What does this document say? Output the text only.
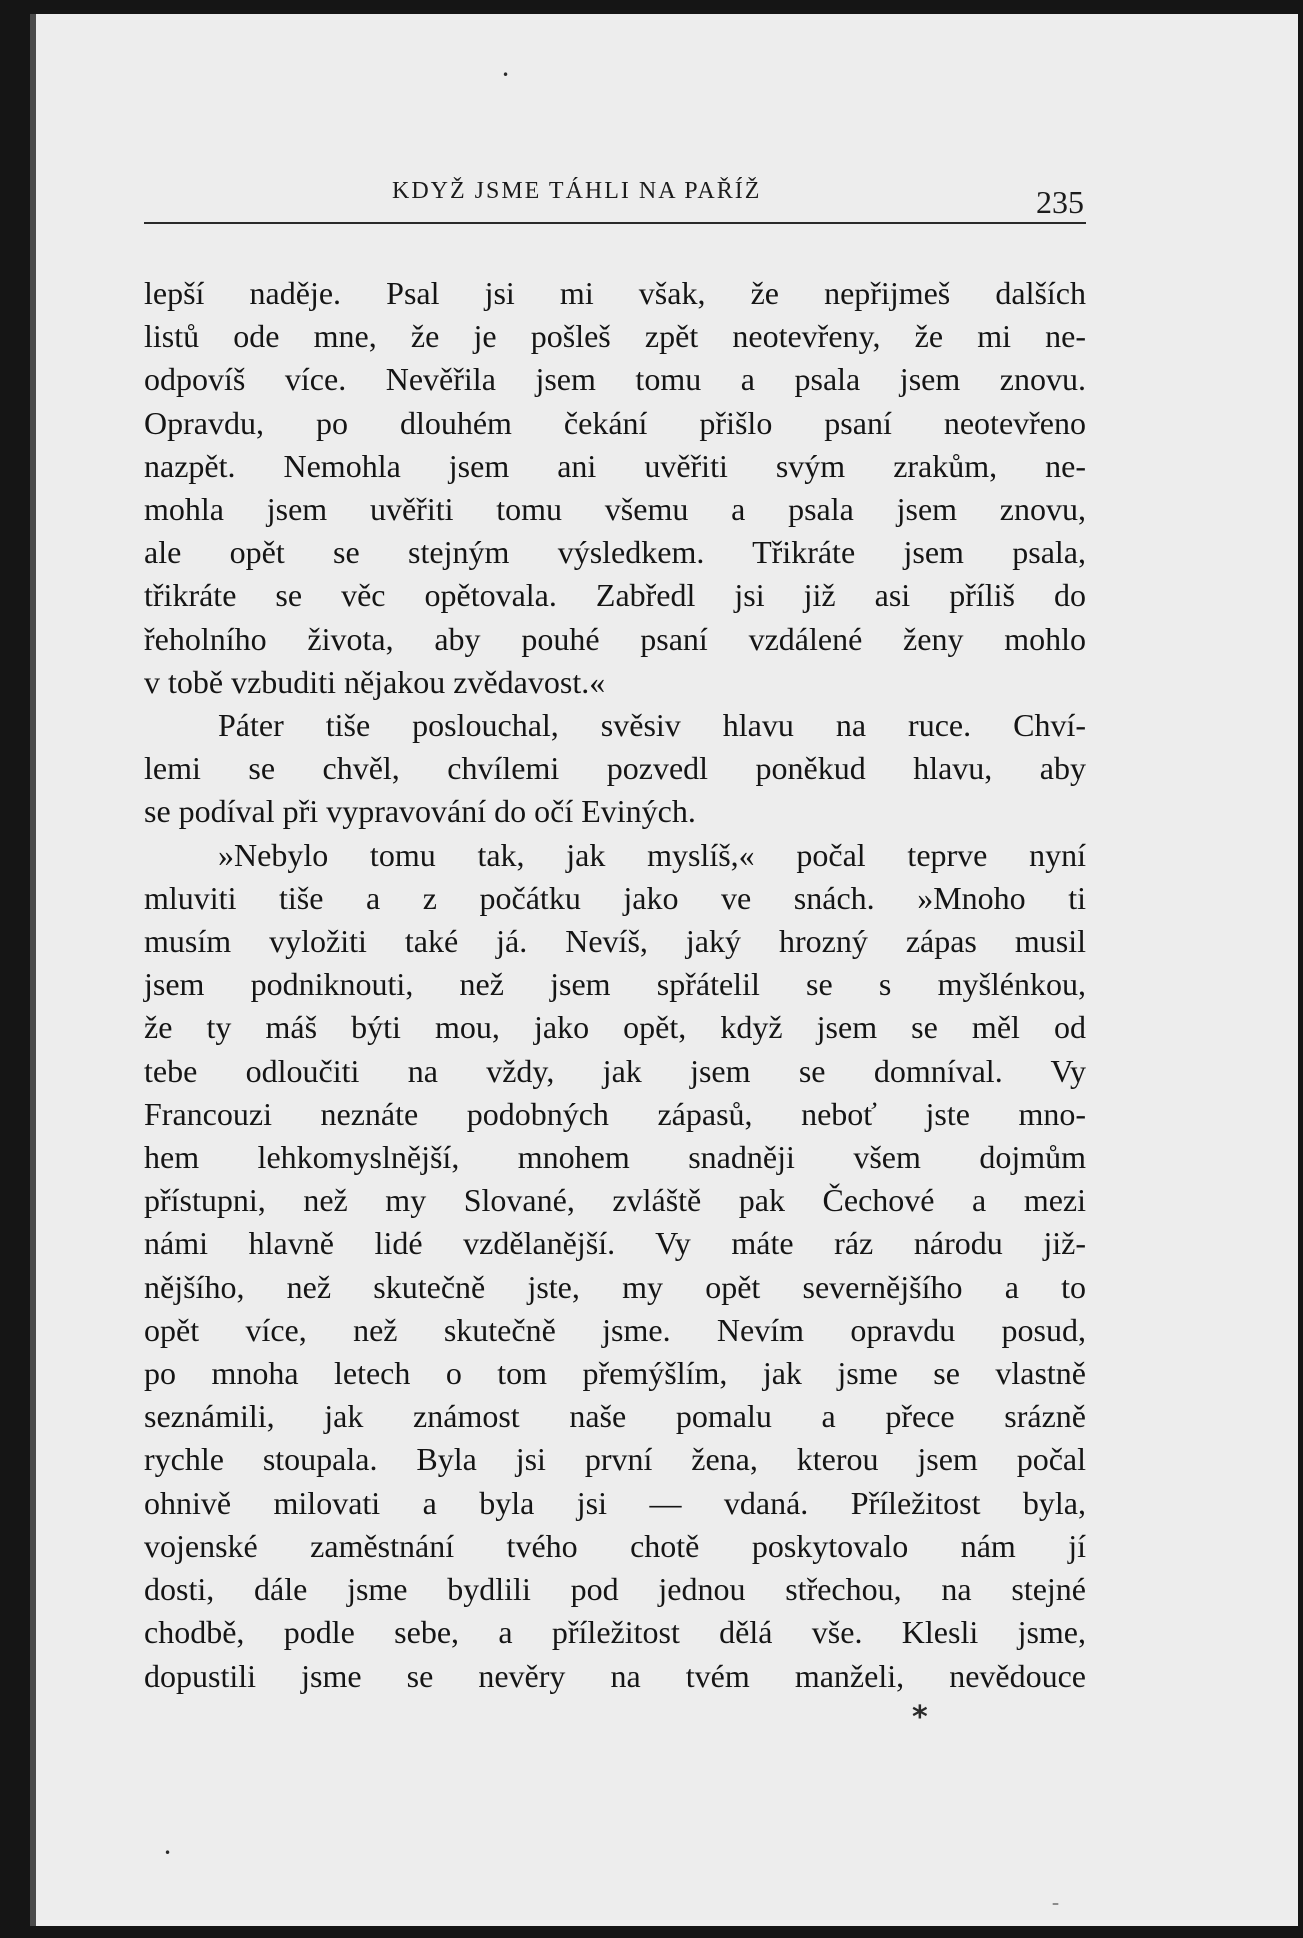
•
KDYŽ JSME TÁHLI NA PAŘÍŽ	235
lepší naděje. Psal jsi mi však, že nepřijmeš dalších
listů ode mne, že je pošleš zpět neotevřeny, že mi ne-
odpovíš více. Nevěřila jsem tomu a psala jsem znovu.
Opravdu, po dlouhém čekání přišlo psaní neotevřeno
nazpět. Nemohla jsem ani uvěřiti svým zrakům, ne-
mohla jsem uvěřiti tomu všemu a psala jsem znovu,
ale opět se stejným výsledkem. Třikráte jsem psala,
třikráte se věc opětovala. Zabředl jsi již asi příliš do
řeholního života, aby pouhé psaní vzdálené ženy mohlo
v tobě vzbuditi nějakou zvědavost.«
Páter tiše poslouchal, svěsiv hlavu na ruce. Chví-
lemi se chvěl, chvílemi pozvedl poněkud hlavu, aby
se podíval při vypravování do očí Eviných.
»Nebylo tomu tak, jak myslíš,« počal teprve nyní
mluviti tiše a z počátku jako ve snách. »Mnoho ti
musím vyložiti také já. Nevíš, jaký hrozný zápas musil
jsem podniknouti, než jsem spřátelil se s myšlénkou,
že ty máš býti mou, jako opět, když jsem se měl od
tebe odloučiti na vždy, jak jsem se domníval. Vy
Francouzi neznáte podobných zápasů, neboť jste mno-
hem lehkomyslnější, mnohem snadněji všem dojmům
přístupni, než my Slované, zvláště pak Čechové a mezi
námi hlavně lidé vzdělanější. Vy máte ráz národu již-
nějšího, než skutečně jste, my opět severnějšího a to
opět více, než skutečně jsme. Nevím opravdu posud,
po mnoha letech o tom přemýšlím, jak jsme se vlastně
seznámili, jak známost naše pomalu a přece srázně
rychle stoupala. Byla jsi první žena, kterou jsem počal
ohnivě milovati a byla jsi — vdaná. Příležitost byla,
vojenské zaměstnání tvého chotě poskytovalo nám jí
dosti, dále jsme bydlili pod jednou střechou, na stejné
chodbě, podle sebe, a příležitost dělá vše. Klesli jsme,
dopustili jsme se nevěry na tvém manželi, nevědouce
*
•
–
